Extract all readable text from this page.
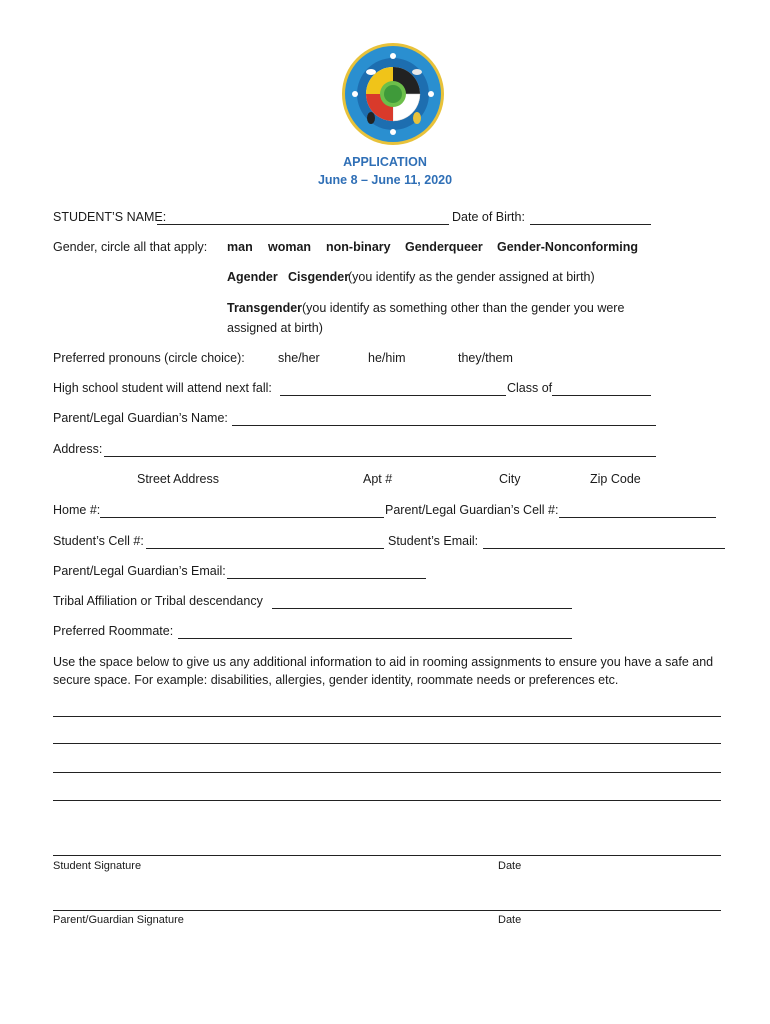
APPLICATION
June 8 – June 11, 2020
STUDENT’S NAME:	Date of Birth:
Gender, circle all that apply: man woman non-binary Genderqueer Gender-Nonconforming
Agender Cisgender
(you identify as the gender assigned at birth)
Transgender (you identify as something other than the gender you were
assigned at birth)
Preferred pronouns (circle choice):	she/her	he/him	they/them
High school student will attend next fall:	Class of
Parent/Legal Guardian’s Name:
Address:
Street Address	Apt #	City	Zip Code
Home #:	Parent/Legal Guardian’s Cell #:
Student’s Cell #:	Student’s Email:
Parent/Legal Guardian’s Email:
Tribal Affiliation or Tribal descendancy
Preferred Roommate:
Use the space below to give us any additional information to aid in rooming assignments to ensure you have a safe and secure space. For example: disabilities, allergies, gender identity, roommate needs or preferences etc.
Student Signature	Date
Parent/Guardian Signature	Date
